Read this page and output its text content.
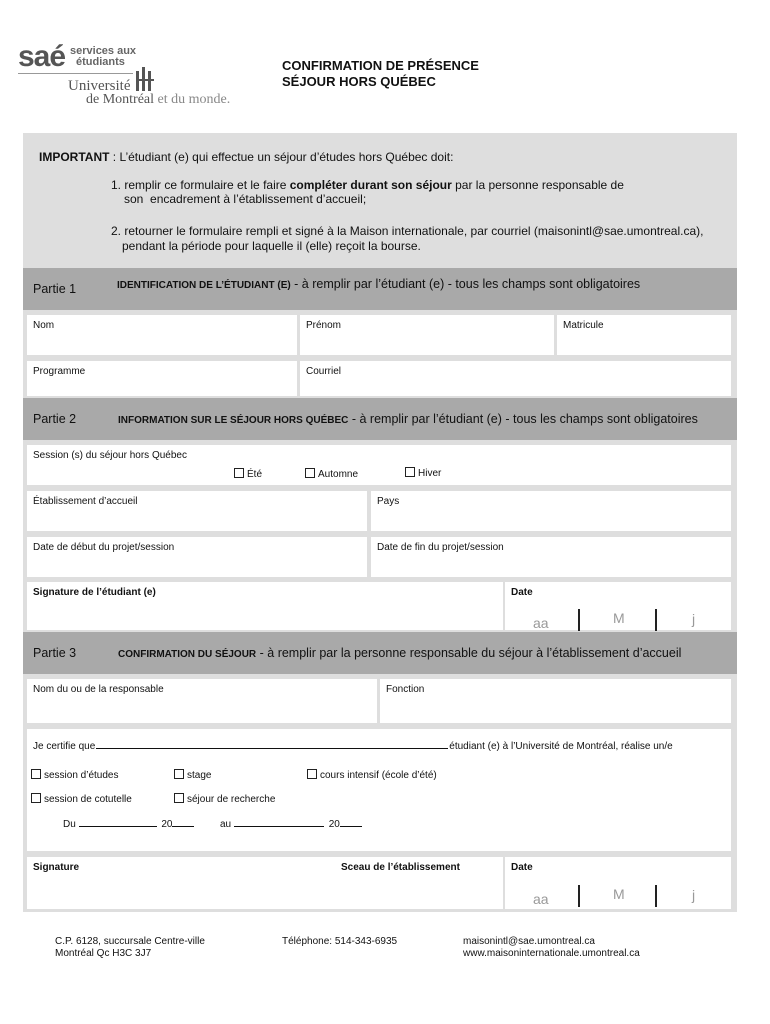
saé services aux
étudiants
Université
de Montréal et du monde.
CONFIRMATION DE PRÉSENCE
SÉJOUR HORS QUÉBEC
IMPORTANT : L’étudiant (e) qui effectue un séjour d’études hors Québec doit:
1. remplir ce formulaire et le faire compléter durant son séjour par la personne responsable de
son encadrement à l’établissement d’accueil;
2. retourner le formulaire rempli et signé à la Maison internationale, par courriel (maisonintl@sae.umontreal.ca),
pendant la période pour laquelle il (elle) reçoit la bourse.
Partie 1	IDENTIFICATION DE L’ÉTUDIANT (E) - à remplir par l’étudiant (e) - tous les champs sont obligatoires
Nom	Prénom	Matricule
Programme	Courriel
Partie 2	INFORMATION SUR LE SÉJOUR HORS QUÉBEC - à remplir par l’étudiant (e) - tous les champs sont obligatoires
Session (s) du séjour hors Québec
Été	Automne	Hiver
Établissement d’accueil	Pays
Date de début du projet/session	Date de fin du projet/session
Signature de l’étudiant (e)	Date
aa	M	j
Partie 3	CONFIRMATION DU SÉJOUR - à remplir par la personne responsable du séjour à l’établissement d’accueil
Nom du ou de la responsable	Fonction
Je certifie que	étudiant (e) à l’Université de Montréal, réalise un/e
session d’études	stage	cours intensif (école d’été)
session de cotutelle	séjour de recherche
Du	20	au	20
Signature	Sceau de l’établissement	Date
aa	M	j
C.P. 6128, succursale Centre-ville
Montréal Qc H3C 3J7
Téléphone: 514-343-6935	maisonintl@sae.umontreal.ca
www.maisoninternationale.umontreal.ca
